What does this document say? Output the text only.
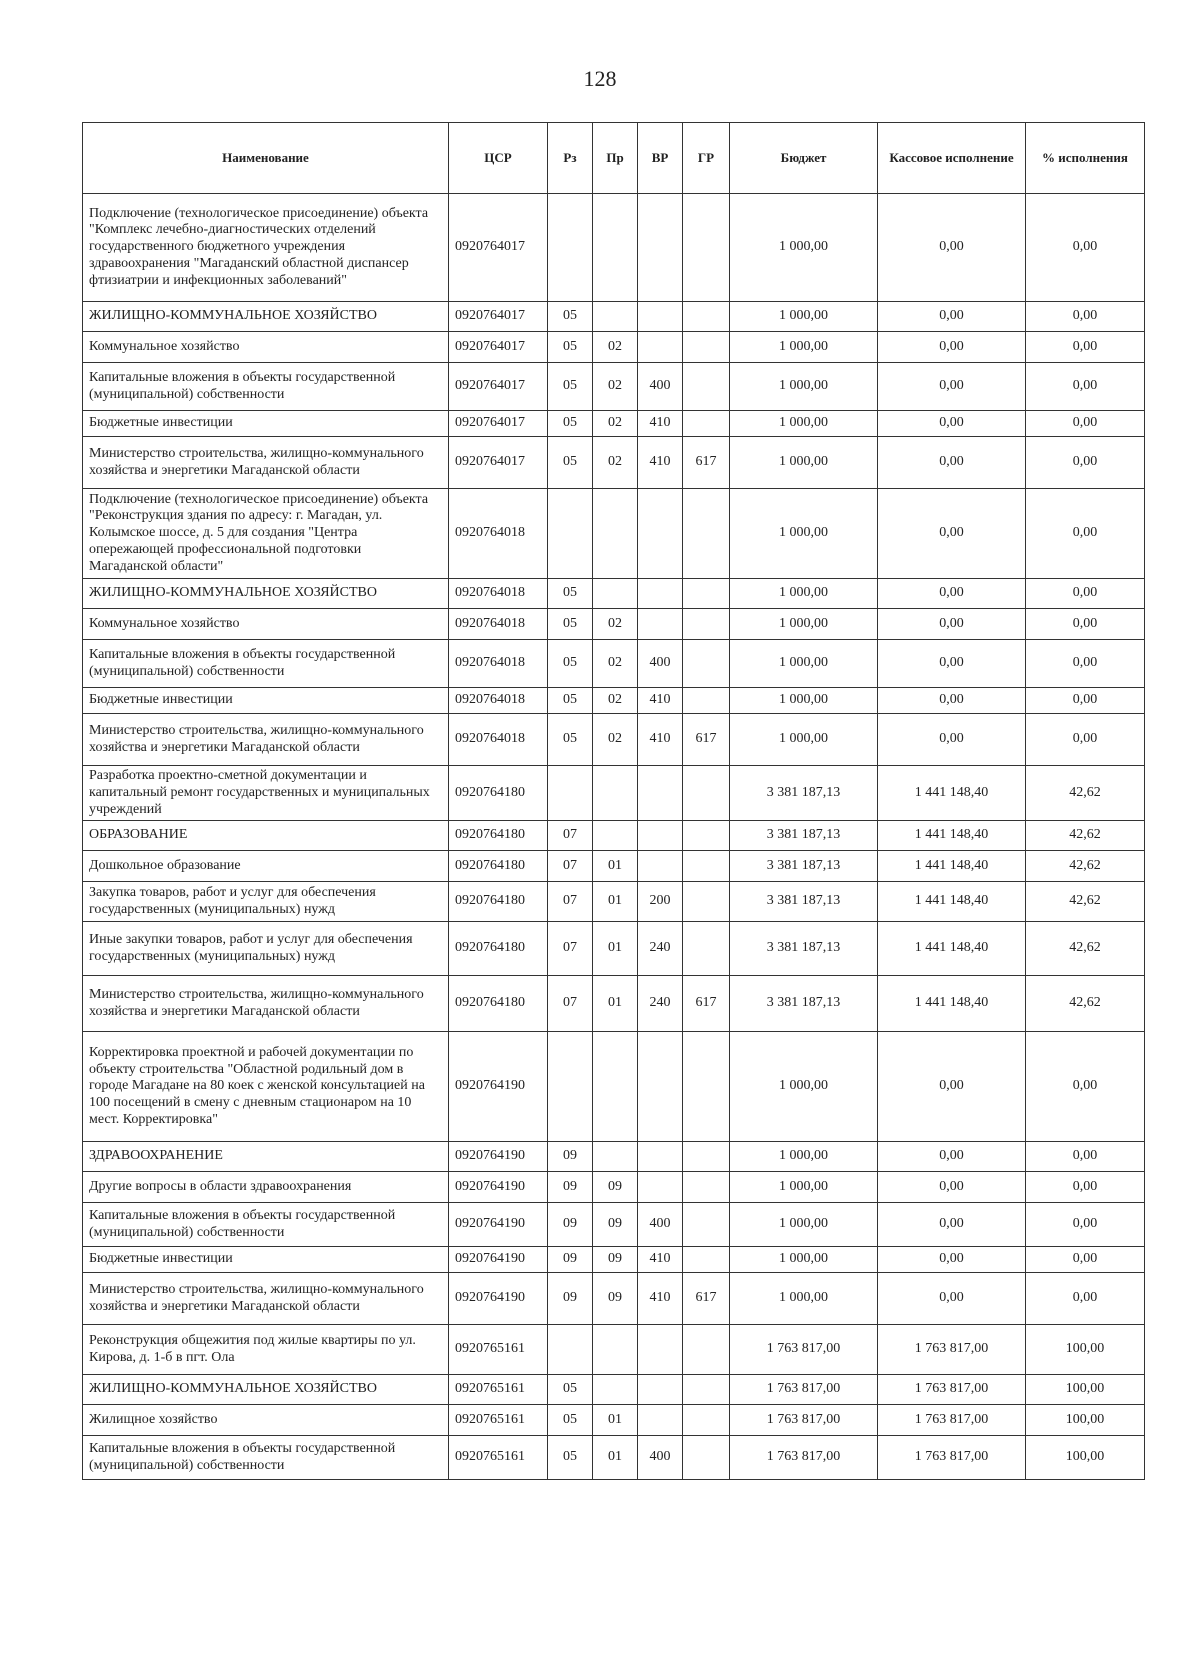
128
Наименование	ЦСР	Рз	Пр	ВР	ГР	Бюджет	Кассовое исполнение	% исполнения
Подключение (технологическое присоединение) объекта "Комплекс лечебно-диагностических отделений государственного бюджетного учреждения здравоохранения "Магаданский областной диспансер фтизиатрии и инфекционных заболеваний"	0920764017					1 000,00	0,00	0,00
ЖИЛИЩНО-КОММУНАЛЬНОЕ ХОЗЯЙСТВО	0920764017	05				1 000,00	0,00	0,00
Коммунальное хозяйство	0920764017	05	02			1 000,00	0,00	0,00
Капитальные вложения в объекты государственной (муниципальной) собственности	0920764017	05	02	400		1 000,00	0,00	0,00
Бюджетные инвестиции	0920764017	05	02	410		1 000,00	0,00	0,00
Министерство строительства, жилищно-коммунального хозяйства и энергетики Магаданской области	0920764017	05	02	410	617	1 000,00	0,00	0,00
Подключение (технологическое присоединение) объекта "Реконструкция здания по адресу: г. Магадан, ул. Колымское шоссе, д. 5 для создания "Центра опережающей профессиональной подготовки Магаданской области"	0920764018					1 000,00	0,00	0,00
ЖИЛИЩНО-КОММУНАЛЬНОЕ ХОЗЯЙСТВО	0920764018	05				1 000,00	0,00	0,00
Коммунальное хозяйство	0920764018	05	02			1 000,00	0,00	0,00
Капитальные вложения в объекты государственной (муниципальной) собственности	0920764018	05	02	400		1 000,00	0,00	0,00
Бюджетные инвестиции	0920764018	05	02	410		1 000,00	0,00	0,00
Министерство строительства, жилищно-коммунального хозяйства и энергетики Магаданской области	0920764018	05	02	410	617	1 000,00	0,00	0,00
Разработка проектно-сметной документации и капитальный ремонт государственных и муниципальных учреждений	0920764180					3 381 187,13	1 441 148,40	42,62
ОБРАЗОВАНИЕ	0920764180	07				3 381 187,13	1 441 148,40	42,62
Дошкольное образование	0920764180	07	01			3 381 187,13	1 441 148,40	42,62
Закупка товаров, работ и услуг для обеспечения государственных (муниципальных) нужд	0920764180	07	01	200		3 381 187,13	1 441 148,40	42,62
Иные закупки товаров, работ и услуг для обеспечения государственных (муниципальных) нужд	0920764180	07	01	240		3 381 187,13	1 441 148,40	42,62
Министерство строительства, жилищно-коммунального хозяйства и энергетики Магаданской области	0920764180	07	01	240	617	3 381 187,13	1 441 148,40	42,62
Корректировка проектной и рабочей документации по объекту строительства "Областной родильный дом в городе Магадане на 80 коек с женской консультацией на 100 посещений в смену с дневным стационаром на 10 мест. Корректировка"	0920764190					1 000,00	0,00	0,00
ЗДРАВООХРАНЕНИЕ	0920764190	09				1 000,00	0,00	0,00
Другие вопросы в области здравоохранения	0920764190	09	09			1 000,00	0,00	0,00
Капитальные вложения в объекты государственной (муниципальной) собственности	0920764190	09	09	400		1 000,00	0,00	0,00
Бюджетные инвестиции	0920764190	09	09	410		1 000,00	0,00	0,00
Министерство строительства, жилищно-коммунального хозяйства и энергетики Магаданской области	0920764190	09	09	410	617	1 000,00	0,00	0,00
Реконструкция общежития под жилые квартиры по ул. Кирова, д. 1-б в пгт. Ола	0920765161					1 763 817,00	1 763 817,00	100,00
ЖИЛИЩНО-КОММУНАЛЬНОЕ ХОЗЯЙСТВО	0920765161	05				1 763 817,00	1 763 817,00	100,00
Жилищное хозяйство	0920765161	05	01			1 763 817,00	1 763 817,00	100,00
Капитальные вложения в объекты государственной (муниципальной) собственности	0920765161	05	01	400		1 763 817,00	1 763 817,00	100,00
